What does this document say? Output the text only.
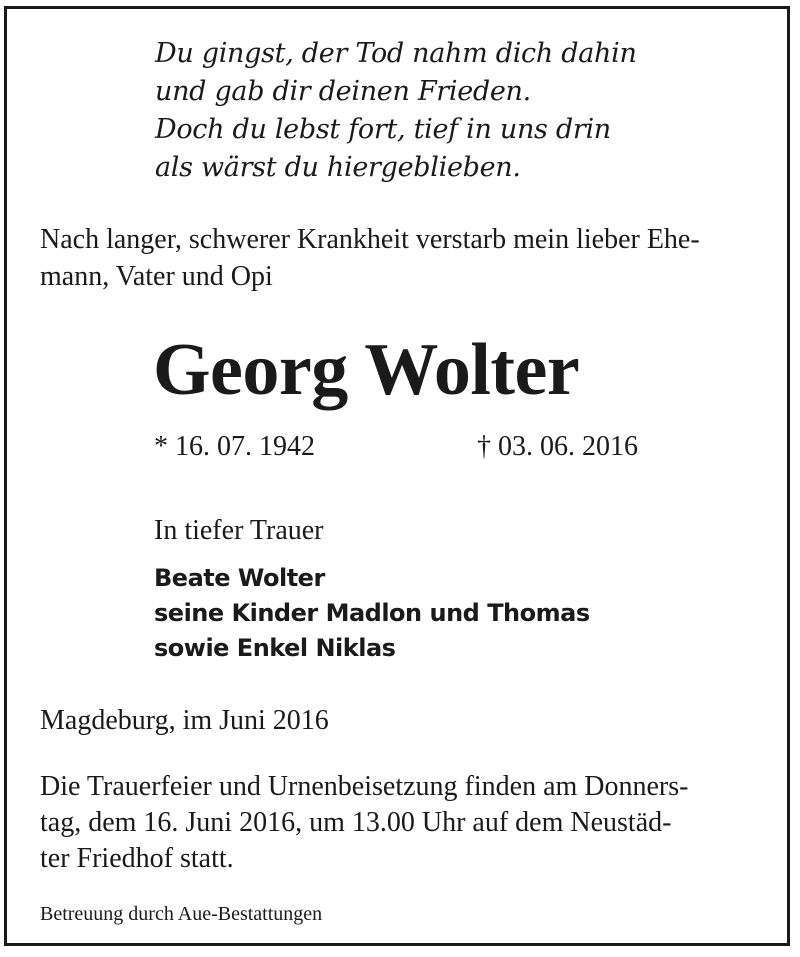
Du gingst, der Tod nahm dich dahin
und gab dir deinen Frieden.
Doch du lebst fort, tief in uns drin
als wärst du hiergeblieben.
Nach langer, schwerer Krankheit verstarb mein lieber Ehe-
mann, Vater und Opi
Georg Wolter
* 16. 07. 1942	† 03. 06. 2016
In tiefer Trauer
Beate Wolter
seine Kinder Madlon und Thomas
sowie Enkel Niklas
Magdeburg, im Juni 2016
Die Trauerfeier und Urnenbeisetzung finden am Donners-
tag, dem 16. Juni 2016, um 13.00 Uhr auf dem Neustäd-
ter Friedhof statt.
Betreuung durch Aue-Bestattungen
